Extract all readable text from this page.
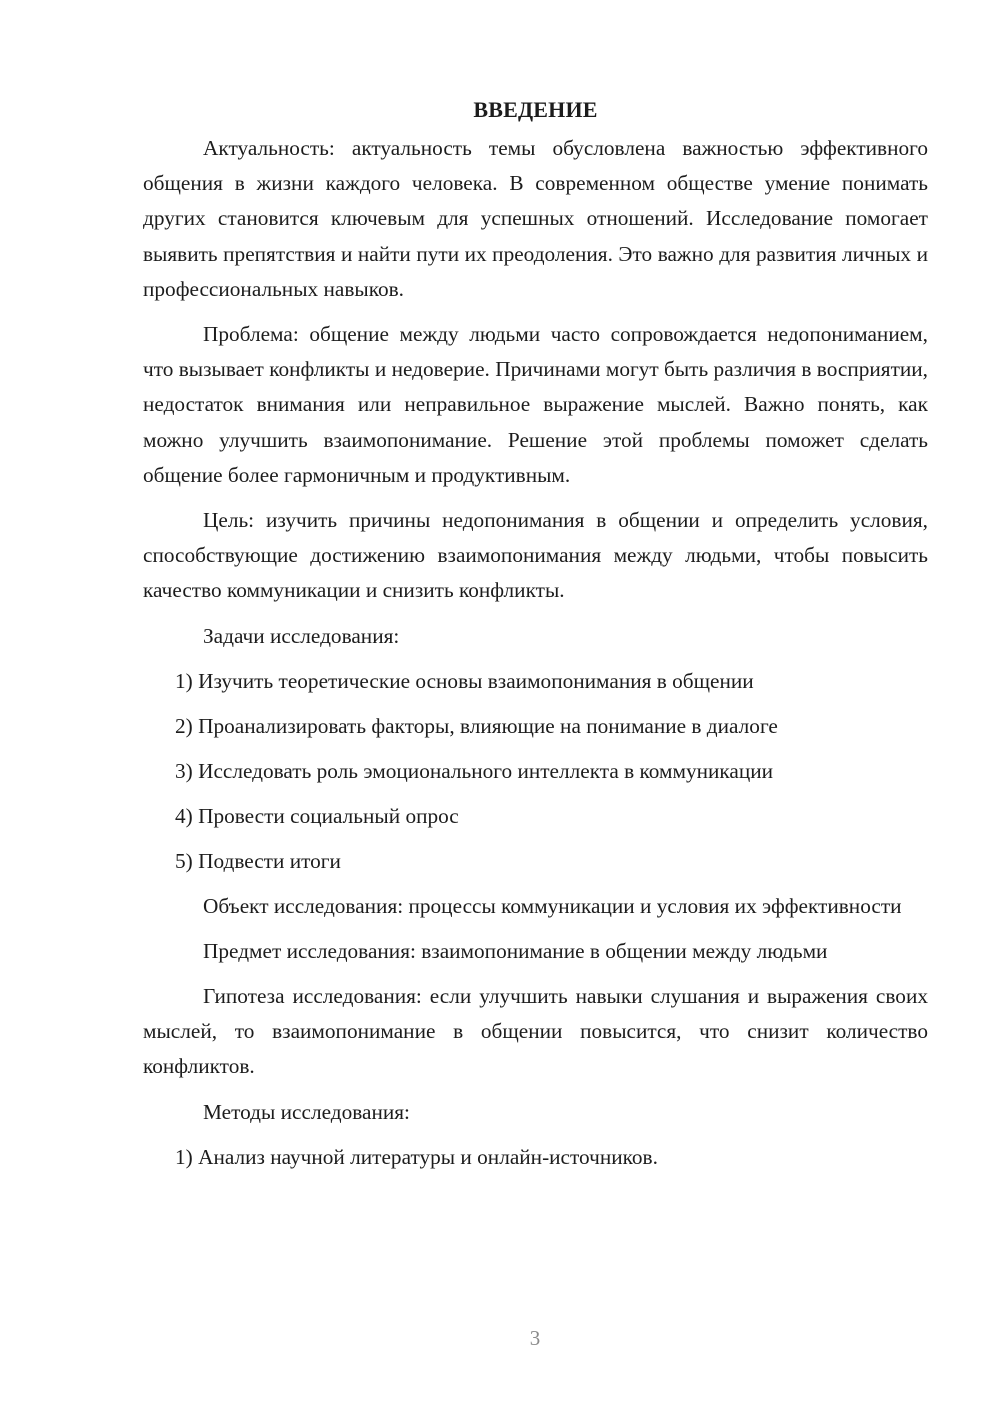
ВВЕДЕНИЕ

Актуальность: актуальность темы обусловлена важностью эффективного общения в жизни каждого человека. В современном обществе умение понимать других становится ключевым для успешных отношений. Исследование помогает выявить препятствия и найти пути их преодоления. Это важно для развития личных и профессиональных навыков.

Проблема: общение между людьми часто сопровождается недопониманием, что вызывает конфликты и недоверие. Причинами могут быть различия в восприятии, недостаток внимания или неправильное выражение мыслей. Важно понять, как можно улучшить взаимопонимание. Решение этой проблемы поможет сделать общение более гармоничным и продуктивным.

Цель: изучить причины недопонимания в общении и определить условия, способствующие достижению взаимопонимания между людьми, чтобы повысить качество коммуникации и снизить конфликты.

Задачи исследования:

1) Изучить теоретические основы взаимопонимания в общении
2) Проанализировать факторы, влияющие на понимание в диалоге
3) Исследовать роль эмоционального интеллекта в коммуникации
4) Провести социальный опрос
5) Подвести итоги

Объект исследования: процессы коммуникации и условия их эффективности

Предмет исследования: взаимопонимание в общении между людьми

Гипотеза исследования: если улучшить навыки слушания и выражения своих мыслей, то взаимопонимание в общении повысится, что снизит количество конфликтов.

Методы исследования:

1) Анализ научной литературы и онлайн-источников.
3
